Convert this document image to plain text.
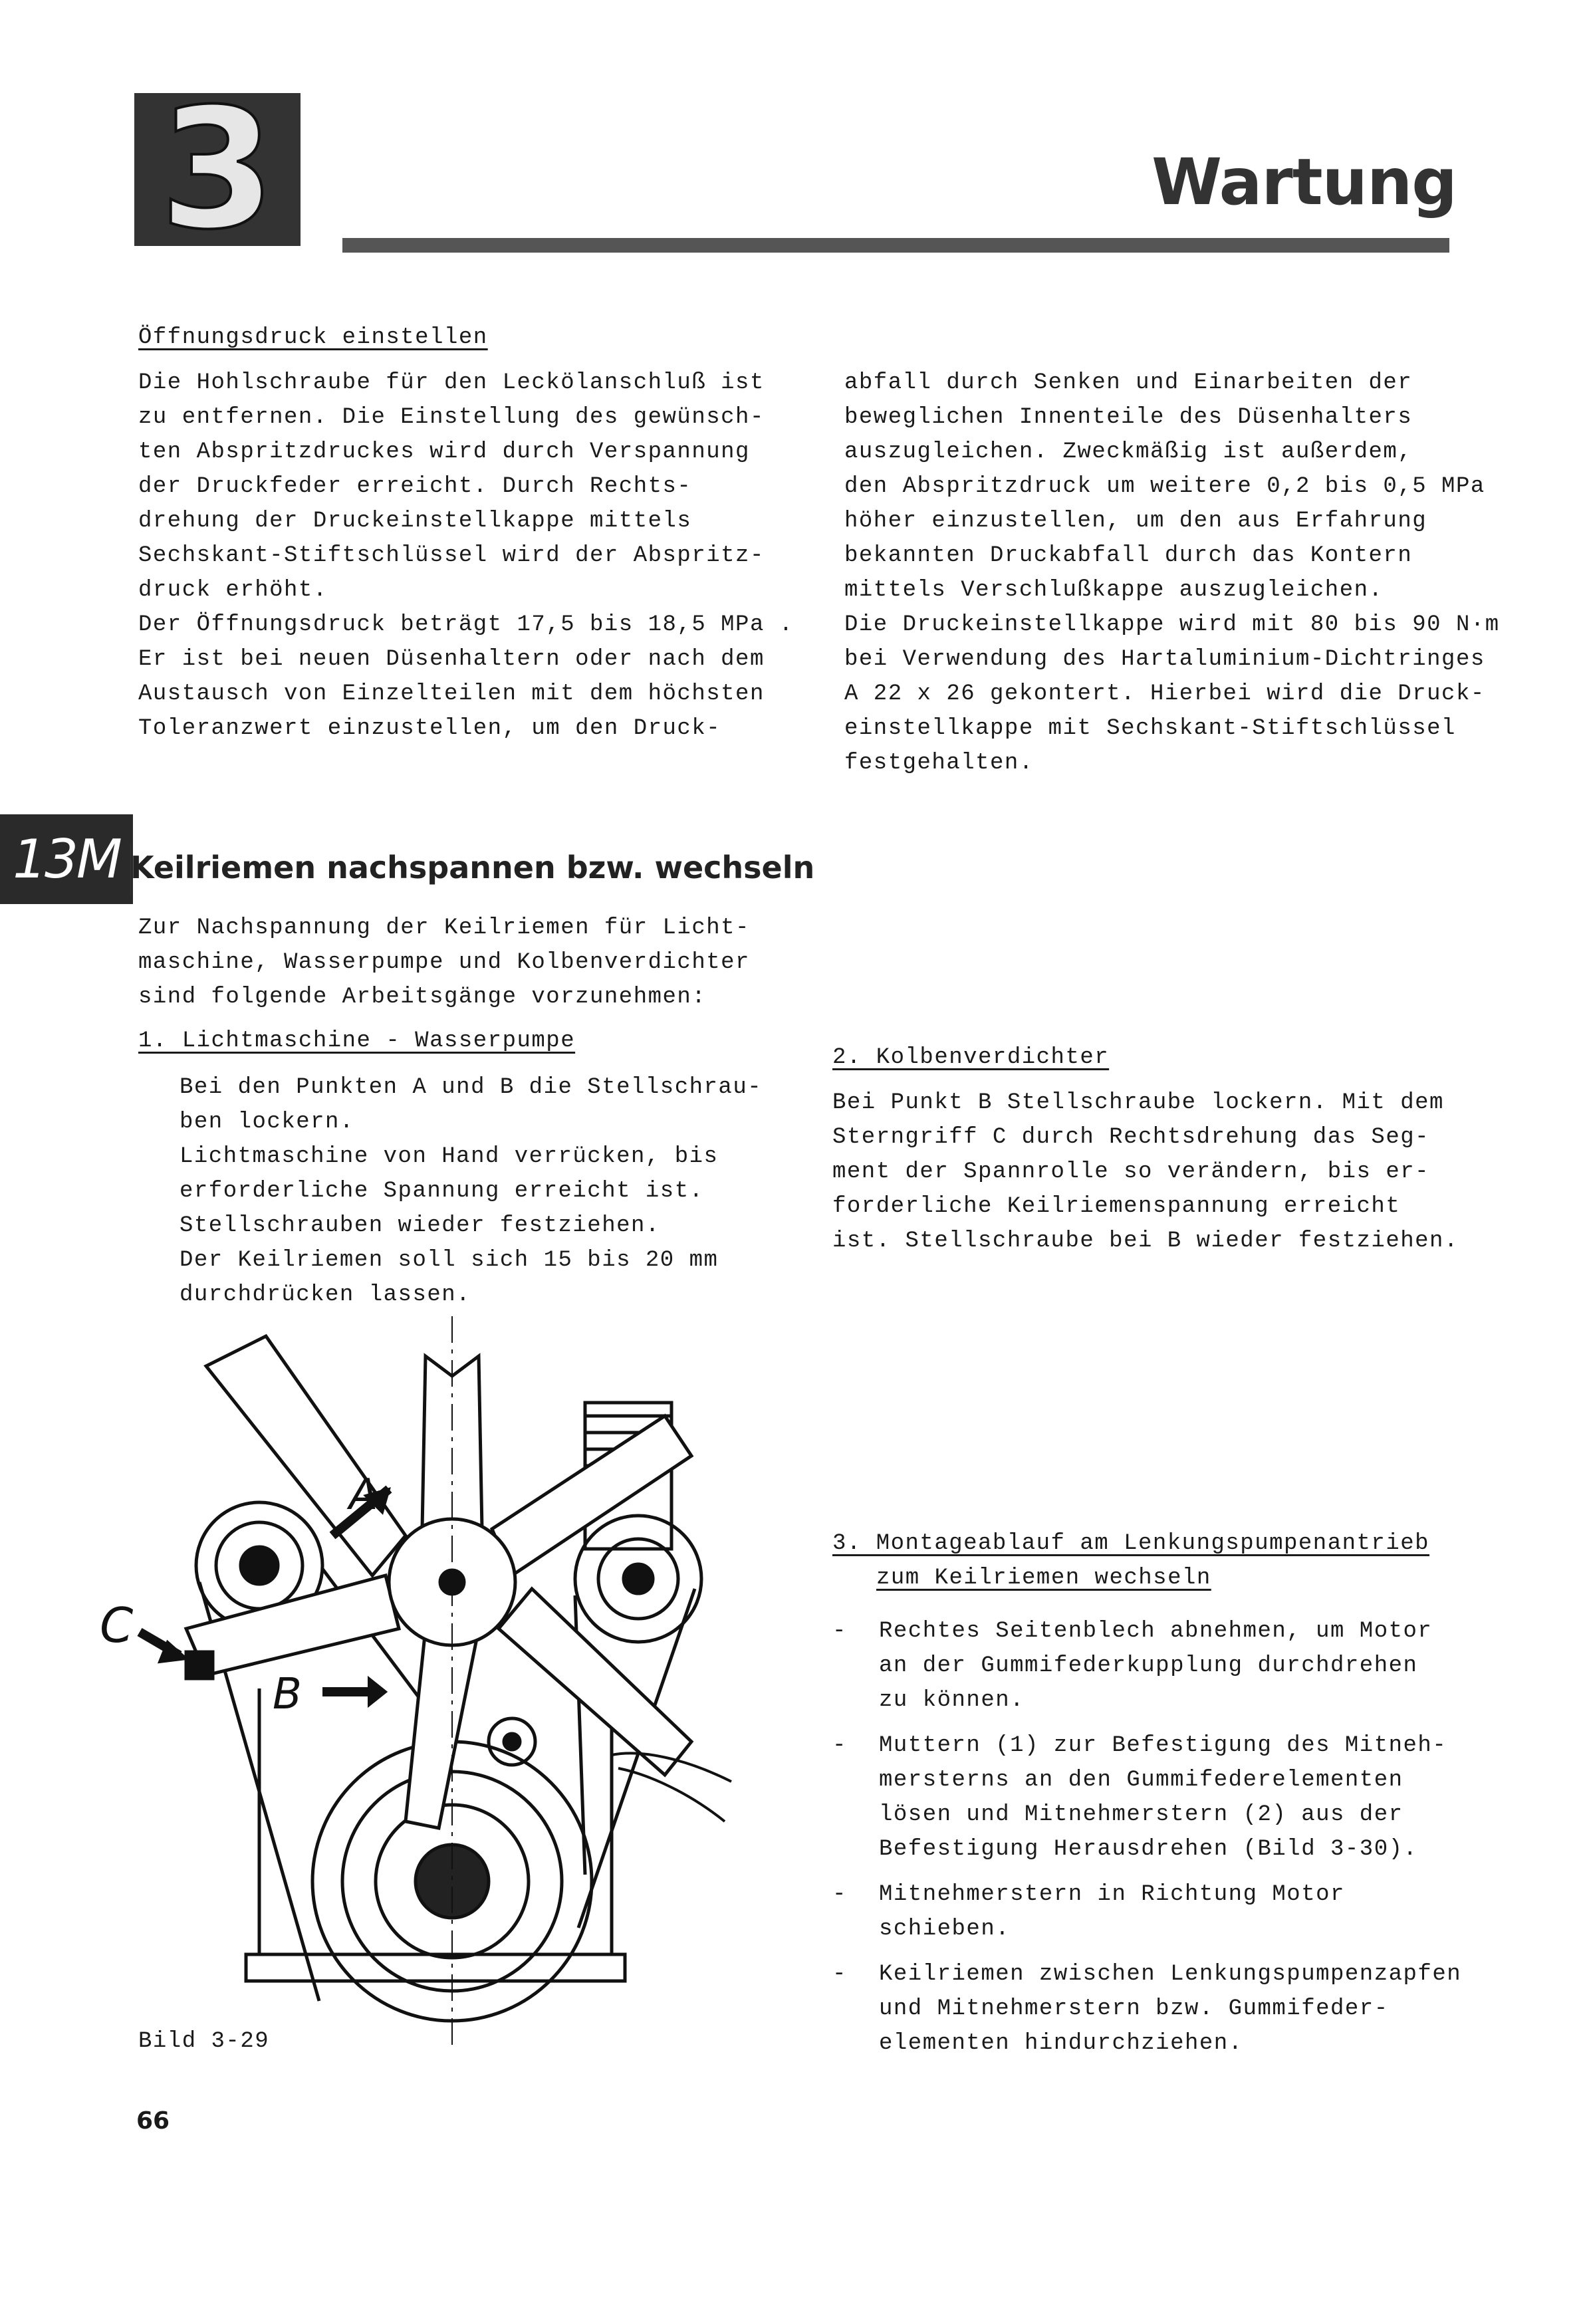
3	Wartung
Öffnungsdruck einstellen
Die Hohlschraube für den Leckölanschluß ist
zu entfernen. Die Einstellung des gewünsch-
ten Abspritzdruckes wird durch Verspannung
der Druckfeder erreicht. Durch Rechts-
drehung der Druckeinstellkappe mittels
Sechskant-Stiftschlüssel wird der Abspritz-
druck erhöht.
Der Öffnungsdruck beträgt 17,5 bis 18,5 MPa .
Er ist bei neuen Düsenhaltern oder nach dem
Austausch von Einzelteilen mit dem höchsten
Toleranzwert einzustellen, um den Druck-
abfall durch Senken und Einarbeiten der
beweglichen Innenteile des Düsenhalters
auszugleichen. Zweckmäßig ist außerdem,
den Abspritzdruck um weitere 0,2 bis 0,5 MPa
höher einzustellen, um den aus Erfahrung
bekannten Druckabfall durch das Kontern
mittels Verschlußkappe auszugleichen.
Die Druckeinstellkappe wird mit 80 bis 90 N·m
bei Verwendung des Hartaluminium-Dichtringes
A 22 x 26 gekontert. Hierbei wird die Druck-
einstellkappe mit Sechskant-Stiftschlüssel
festgehalten.
13M Keilriemen nachspannen bzw. wechseln
Zur Nachspannung der Keilriemen für Licht-
maschine, Wasserpumpe und Kolbenverdichter
sind folgende Arbeitsgänge vorzunehmen:
1. Lichtmaschine - Wasserpumpe
Bei den Punkten A und B die Stellschrau-
ben lockern.
Lichtmaschine von Hand verrücken, bis
erforderliche Spannung erreicht ist.
Stellschrauben wieder festziehen.
Der Keilriemen soll sich 15 bis 20 mm
durchdrücken lassen.
2. Kolbenverdichter
Bei Punkt B Stellschraube lockern. Mit dem
Sterngriff C durch Rechtsdrehung das Seg-
ment der Spannrolle so verändern, bis er-
forderliche Keilriemenspannung erreicht
ist. Stellschraube bei B wieder festziehen.
A
B
C
Bild 3-29
3. Montageablauf am Lenkungspumpenantrieb
zum Keilriemen wechseln
- Rechtes Seitenblech abnehmen, um Motor
an der Gummifederkupplung durchdrehen
zu können.
- Muttern (1) zur Befestigung des Mitneh-
mersterns an den Gummifederelementen
lösen und Mitnehmerstern (2) aus der
Befestigung Herausdrehen (Bild 3-30).
- Mitnehmerstern in Richtung Motor
schieben.
- Keilriemen zwischen Lenkungspumpenzapfen
und Mitnehmerstern bzw. Gummifeder-
elementen hindurchziehen.
66
